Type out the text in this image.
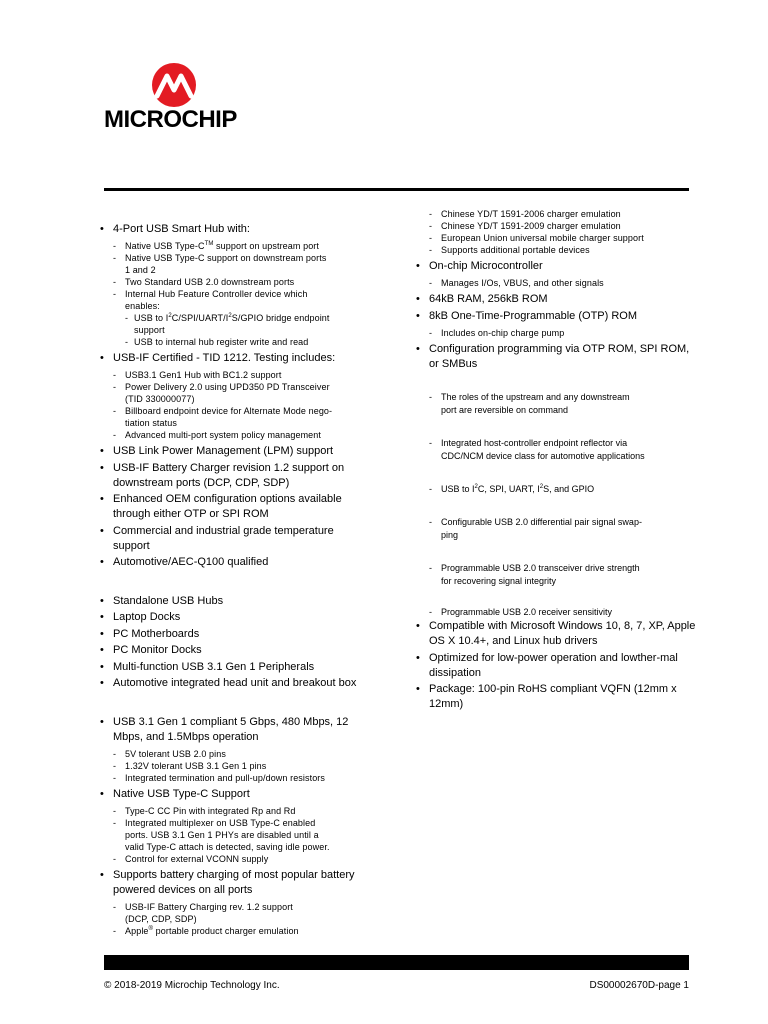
MICROCHIP
• 4-Port USB Smart Hub with:
- Native USB Type-C™ support on upstream port
- Native USB Type-C support on downstream ports
1 and 2
- Two Standard USB 2.0 downstream ports
- Internal Hub Feature Controller device which
enables:
- USB to $I^2C/SPI/UART/I^2S$/GPIO bridge endpoint
support
- USB to internal hub register write and read
• USB-IF Certified - TID 1212. Testing includes:
- USB3.1 Gen1 Hub with BC1.2 support
- Power Delivery 2.0 using UPD350 PD Transceiver
(TID 330000077)
- Billboard endpoint device for Alternate Mode nego-
tiation status
- Advanced multi-port system policy management
• USB Link Power Management (LPM) support
• USB-IF Battery Charger revision 1.2 support on downstream ports (DCP, CDP, SDP)
• Enhanced OEM configuration options available through either OTP or SPI ROM
• Commercial and industrial grade temperature support
• Automotive/AEC-Q100 qualified
• Standalone USB Hubs
• Laptop Docks
• PC Motherboards
• PC Monitor Docks
• Multi-function USB 3.1 Gen 1 Peripherals
• Automotive integrated head unit and breakout box
• USB 3.1 Gen 1 compliant 5 Gbps, 480 Mbps, 12 Mbps, and 1.5Mbps operation
- 5V tolerant USB 2.0 pins
- 1.32V tolerant USB 3.1 Gen 1 pins
- Integrated termination and pull-up/down resistors
• Native USB Type-C Support
- Type-C CC Pin with integrated Rp and Rd
- Integrated multiplexer on USB Type-C enabled
ports. USB 3.1 Gen 1 PHYs are disabled until a
valid Type-C attach is detected, saving idle power.
- Control for external VCONN supply
• Supports battery charging of most popular battery powered devices on all ports
- USB-IF Battery Charging rev. 1.2 support
(DCP, CDP, SDP)
- Apple® portable product charger emulation
- Chinese YD/T 1591-2006 charger emulation
- Chinese YD/T 1591-2009 charger emulation
- European Union universal mobile charger support
- Supports additional portable devices
• On-chip Microcontroller
- Manages I/Os, VBUS, and other signals
• 64kB RAM, 256kB ROM
• 8kB One-Time-Programmable (OTP) ROM
- Includes on-chip charge pump
• Configuration programming via OTP ROM, SPI ROM, or SMBus
- The roles of the upstream and any downstream
port are reversible on command
- Integrated host-controller endpoint reflector via
CDC/NCM device class for automotive applications
- USB to $I^2C$, SPI, UART, $I^2S$, and GPIO
- Configurable USB 2.0 differential pair signal swap-
ping
- Programmable USB 2.0 transceiver drive strength
for recovering signal integrity
- Programmable USB 2.0 receiver sensitivity
• Compatible with Microsoft Windows 10, 8, 7, XP, Apple OS X 10.4+, and Linux hub drivers
• Optimized for low-power operation and lowther-mal dissipation
• Package: 100-pin RoHS compliant VQFN (12mm x 12mm)
© 2018-2019 Microchip Technology Inc.	DS00002670D-page 1
